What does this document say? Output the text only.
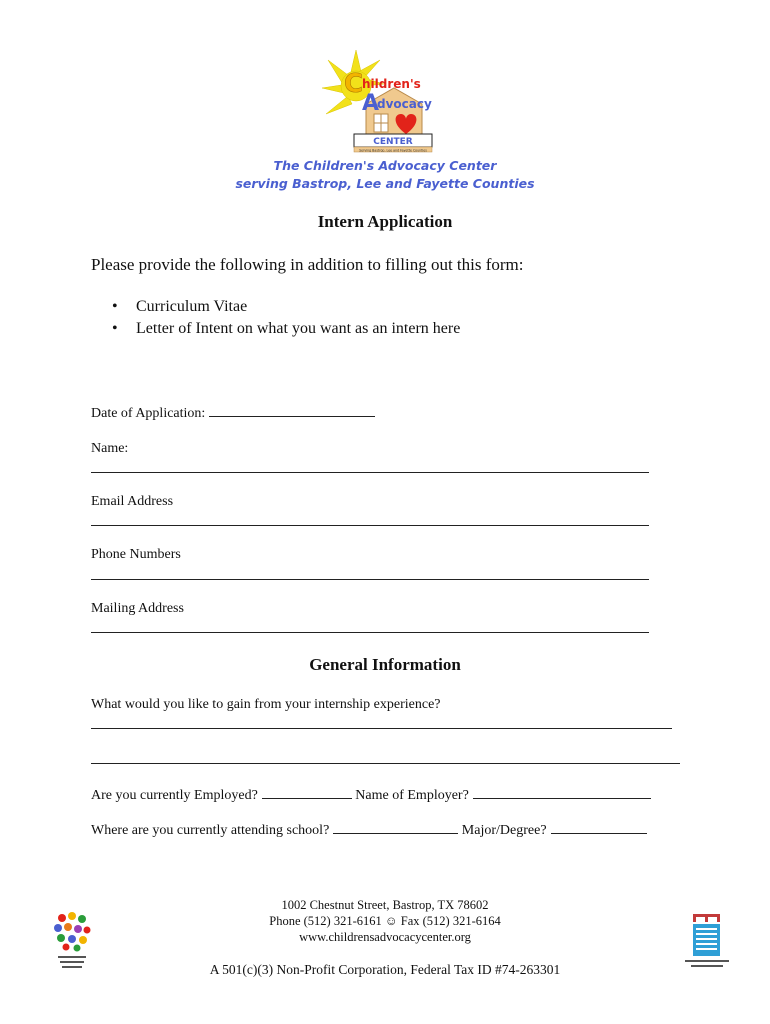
CENTER
Serving Bastrop, Lee and Fayette Counties
C
hildren's
A
dvocacy
The Children's Advocacy Center
serving Bastrop, Lee and Fayette Counties
Intern Application
Please provide the following in addition to filling out this form:
• Curriculum Vitae
• Letter of Intent on what you want as an intern here
Date of Application:
Name:
Email Address
Phone Numbers
Mailing Address
General Information
What would you like to gain from your internship experience?
Are you currently Employed?	Name of Employer?
Where are you currently attending school?	Major/Degree?
1002 Chestnut Street, Bastrop, TX 78602
Phone (512) 321-6161 ☺ Fax (512) 321-6164
www.childrensadvocacycenter.org
A 501(c)(3) Non-Profit Corporation, Federal Tax ID #74-263301
